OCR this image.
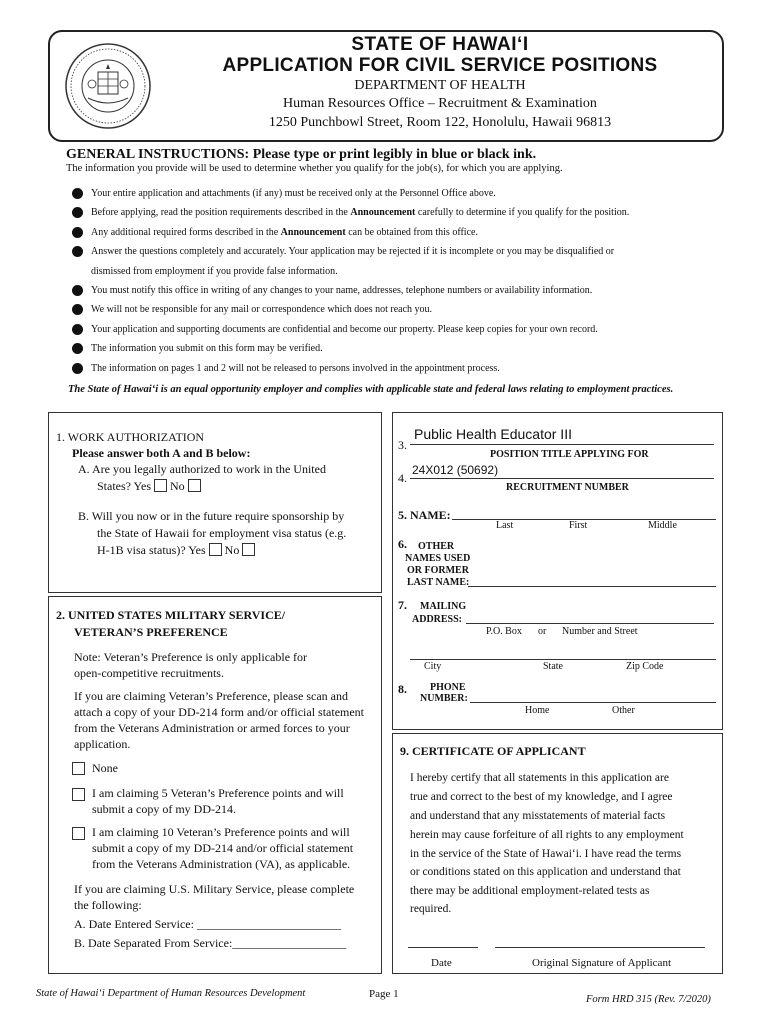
STATE OF HAWAIʻI
APPLICATION FOR CIVIL SERVICE POSITIONS
DEPARTMENT OF HEALTH
Human Resources Office – Recruitment & Examination
1250 Punchbowl Street, Room 122, Honolulu, Hawaii 96813
GENERAL INSTRUCTIONS: Please type or print legibly in blue or black ink.
The information you provide will be used to determine whether you qualify for the job(s), for which you are applying.
Your entire application and attachments (if any) must be received only at the Personnel Office above.
Before applying, read the position requirements described in the Announcement carefully to determine if you qualify for the position.
Any additional required forms described in the Announcement can be obtained from this office.
Answer the questions completely and accurately. Your application may be rejected if it is incomplete or you may be disqualified or
dismissed from employment if you provide false information.
You must notify this office in writing of any changes to your name, addresses, telephone numbers or availability information.
We will not be responsible for any mail or correspondence which does not reach you.
Your application and supporting documents are confidential and become our property. Please keep copies for your own record.
The information you submit on this form may be verified.
The information on pages 1 and 2 will not be released to persons involved in the appointment process.
The State of Hawaiʻi is an equal opportunity employer and complies with applicable state and federal laws relating to employment practices.
1. WORK AUTHORIZATION
Please answer both A and B below:
A. Are you legally authorized to work in the United
States? Yes No
B. Will you now or in the future require sponsorship by
the State of Hawaii for employment visa status (e.g.
H-1B visa status)? Yes No
2. UNITED STATES MILITARY SERVICE/
VETERAN’S PREFERENCE
Note: Veteran’s Preference is only applicable for
open-competitive recruitments.
If you are claiming Veteran’s Preference, please scan and
attach a copy of your DD-214 form and/or official statement
from the Veterans Administration or armed forces to your
application.
None
I am claiming 5 Veteran’s Preference points and will
submit a copy of my DD-214.
I am claiming 10 Veteran’s Preference points and will
submit a copy of my DD-214 and/or official statement
from the Veterans Administration (VA), as applicable.
If you are claiming U.S. Military Service, please complete
the following:
A. Date Entered Service: ________________________
B. Date Separated From Service:___________________
3.
Public Health Educator III
POSITION TITLE APPLYING FOR
4.
24X012 (50692)
RECRUITMENT NUMBER
5. NAME:
Last	First	Middle
6. OTHER
NAMES USED
OR FORMER
LAST NAME:
7. MAILING
ADDRESS:
P.O. Box or Number and Street
City	State	Zip Code
8. PHONE
NUMBER:
Home	Other
9. CERTIFICATE OF APPLICANT
I hereby certify that all statements in this application are
true and correct to the best of my knowledge, and I agree
and understand that any misstatements of material facts
herein may cause forfeiture of all rights to any employment
in the service of the State of Hawaiʻi. I have read the terms
or conditions stated on this application and understand that
there may be additional employment-related tests as
required.
Date	Original Signature of Applicant
State of Hawaiʻi Department of Human Resources Development	Page 1	Form HRD 315 (Rev. 7/2020)
